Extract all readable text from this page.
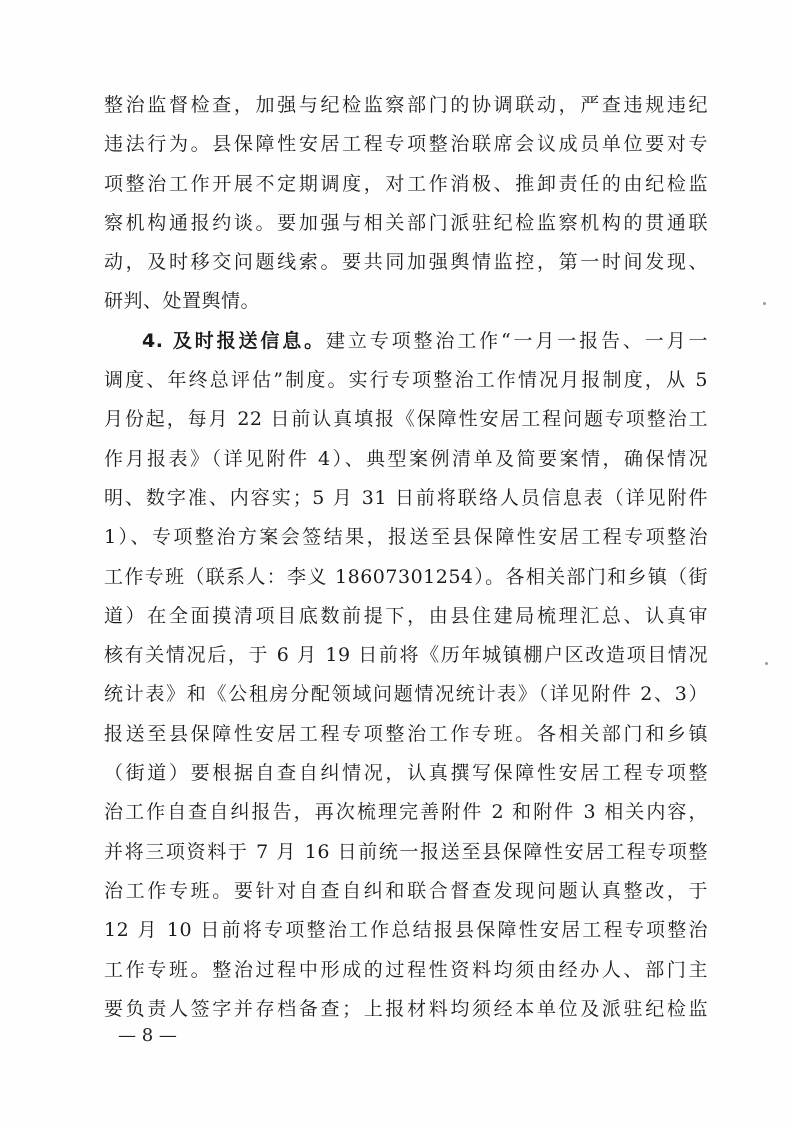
整治监督检查，加强与纪检监察部门的协调联动，严查违规违纪
违法行为。县保障性安居工程专项整治联席会议成员单位要对专
项整治工作开展不定期调度，对工作消极、推卸责任的由纪检监
察机构通报约谈。要加强与相关部门派驻纪检监察机构的贯通联
动，及时移交问题线索。要共同加强舆情监控，第一时间发现、
研判、处置舆情。
4. 及时报送信息。建立专项整治工作“一月一报告、一月一
调度、年终总评估”制度。实行专项整治工作情况月报制度，从 5
月份起，每月 22 日前认真填报《保障性安居工程问题专项整治工
作月报表》（详见附件 4）、典型案例清单及简要案情，确保情况
明、数字准、内容实；5 月 31 日前将联络人员信息表（详见附件
1）、专项整治方案会签结果，报送至县保障性安居工程专项整治
工作专班（联系人：李义 18607301254）。各相关部门和乡镇（街
道）在全面摸清项目底数前提下，由县住建局梳理汇总、认真审
核有关情况后，于 6 月 19 日前将《历年城镇棚户区改造项目情况
统计表》和《公租房分配领域问题情况统计表》（详见附件 2、3）
报送至县保障性安居工程专项整治工作专班。各相关部门和乡镇
（街道）要根据自查自纠情况，认真撰写保障性安居工程专项整
治工作自查自纠报告，再次梳理完善附件 2 和附件 3 相关内容，
并将三项资料于 7 月 16 日前统一报送至县保障性安居工程专项整
治工作专班。要针对自查自纠和联合督查发现问题认真整改，于
12 月 10 日前将专项整治工作总结报县保障性安居工程专项整治
工作专班。整治过程中形成的过程性资料均须由经办人、部门主
要负责人签字并存档备查；上报材料均须经本单位及派驻纪检监
— 8 —
